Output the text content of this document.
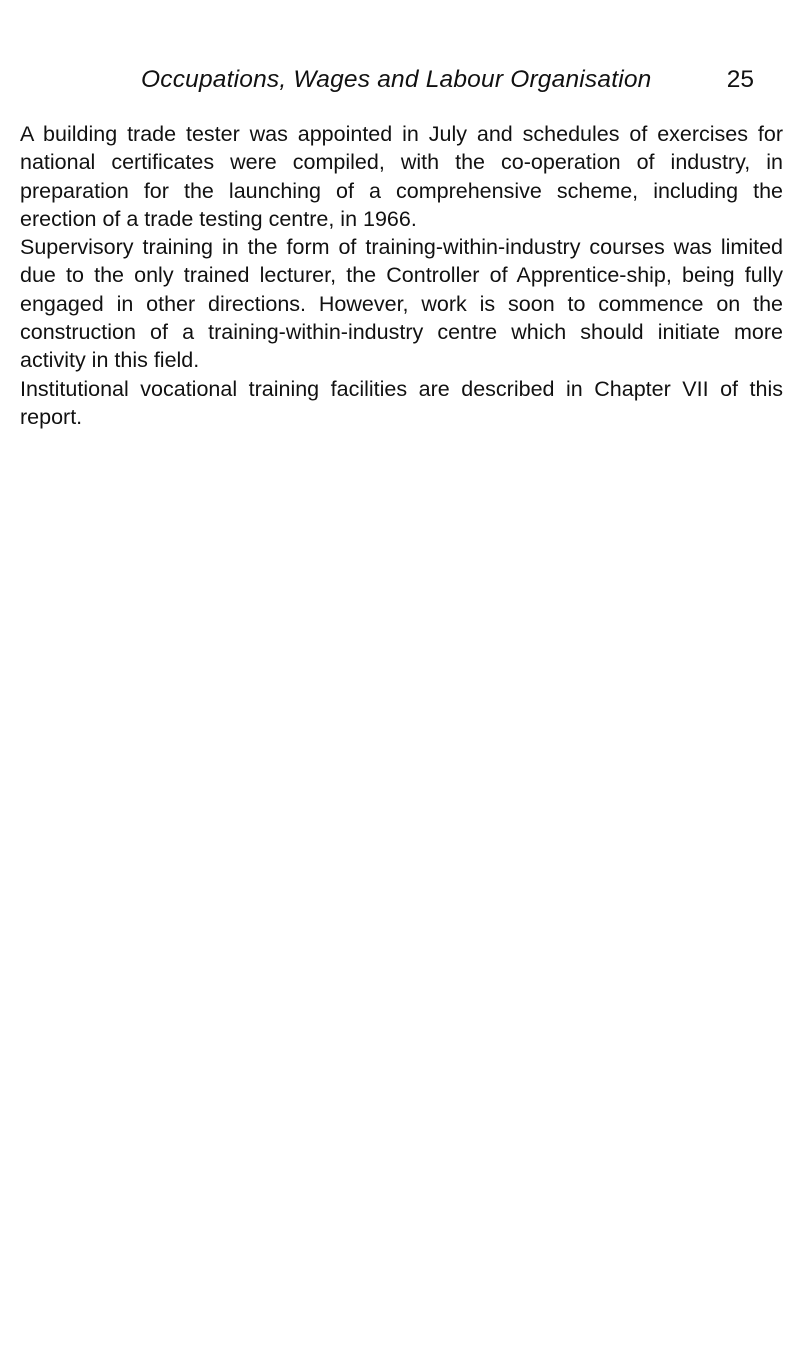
Occupations, Wages and Labour Organisation	25

A building trade tester was appointed in July and schedules of exercises for national certificates were compiled, with the co-operation of industry, in preparation for the launching of a comprehensive scheme, including the erection of a trade testing centre, in 1966.

Supervisory training in the form of training-within-industry courses was limited due to the only trained lecturer, the Controller of Apprentice-ship, being fully engaged in other directions. However, work is soon to commence on the construction of a training-within-industry centre which should initiate more activity in this field.

Institutional vocational training facilities are described in Chapter VII of this report.
